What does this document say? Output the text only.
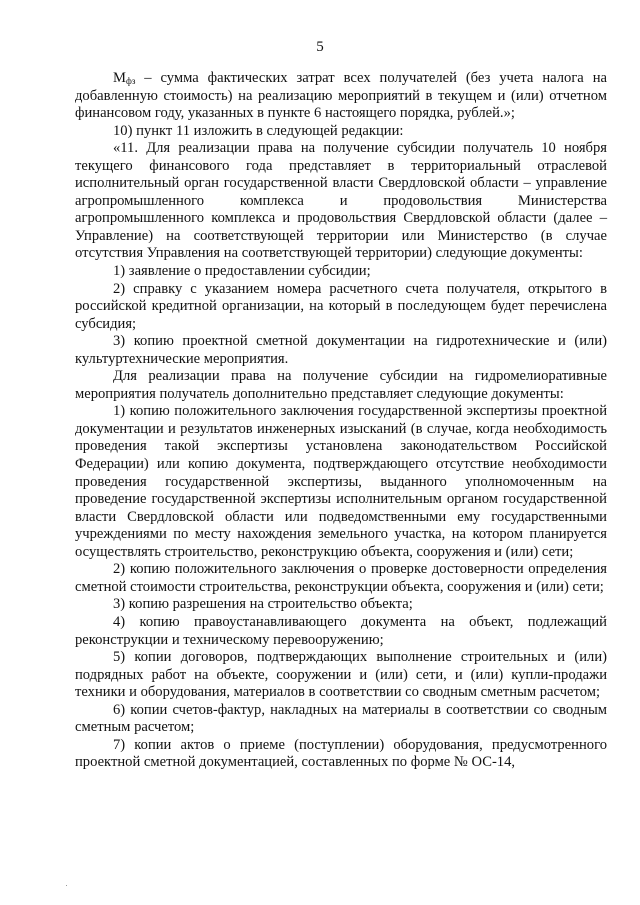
5

$M_{фз}$ – сумма фактических затрат всех получателей (без учета налога на добавленную стоимость) на реализацию мероприятий в текущем и (или) отчетном финансовом году, указанных в пункте 6 настоящего порядка, рублей.»;

10) пункт 11 изложить в следующей редакции:

«11. Для реализации права на получение субсидии получатель 10 ноября текущего финансового года представляет в территориальный отраслевой исполнительный орган государственной власти Свердловской области – управление агропромышленного комплекса и продовольствия Министерства агропромышленного комплекса и продовольствия Свердловской области (далее – Управление) на соответствующей территории или Министерство (в случае отсутствия Управления на соответствующей территории) следующие документы:

1) заявление о предоставлении субсидии;

2) справку с указанием номера расчетного счета получателя, открытого в российской кредитной организации, на который в последующем будет перечислена субсидия;

3) копию проектной сметной документации на гидротехнические и (или) культуртехнические мероприятия.

Для реализации права на получение субсидии на гидромелиоративные мероприятия получатель дополнительно представляет следующие документы:

1) копию положительного заключения государственной экспертизы проектной документации и результатов инженерных изысканий (в случае, когда необходимость проведения такой экспертизы установлена законодательством Российской Федерации) или копию документа, подтверждающего отсутствие необходимости проведения государственной экспертизы, выданного уполномоченным на проведение государственной экспертизы исполнительным органом государственной власти Свердловской области или подведомственными ему государственными учреждениями по месту нахождения земельного участка, на котором планируется осуществлять строительство, реконструкцию объекта, сооружения и (или) сети;

2) копию положительного заключения о проверке достоверности определения сметной стоимости строительства, реконструкции объекта, сооружения и (или) сети;

3) копию разрешения на строительство объекта;

4) копию правоустанавливающего документа на объект, подлежащий реконструкции и техническому перевооружению;

5) копии договоров, подтверждающих выполнение строительных и (или) подрядных работ на объекте, сооружении и (или) сети, и (или) купли-продажи техники и оборудования, материалов в соответствии со сводным сметным расчетом;

6) копии счетов-фактур, накладных на материалы в соответствии со сводным сметным расчетом;

7) копии актов о приеме (поступлении) оборудования, предусмотренного проектной сметной документацией, составленных по форме № ОС-14,
